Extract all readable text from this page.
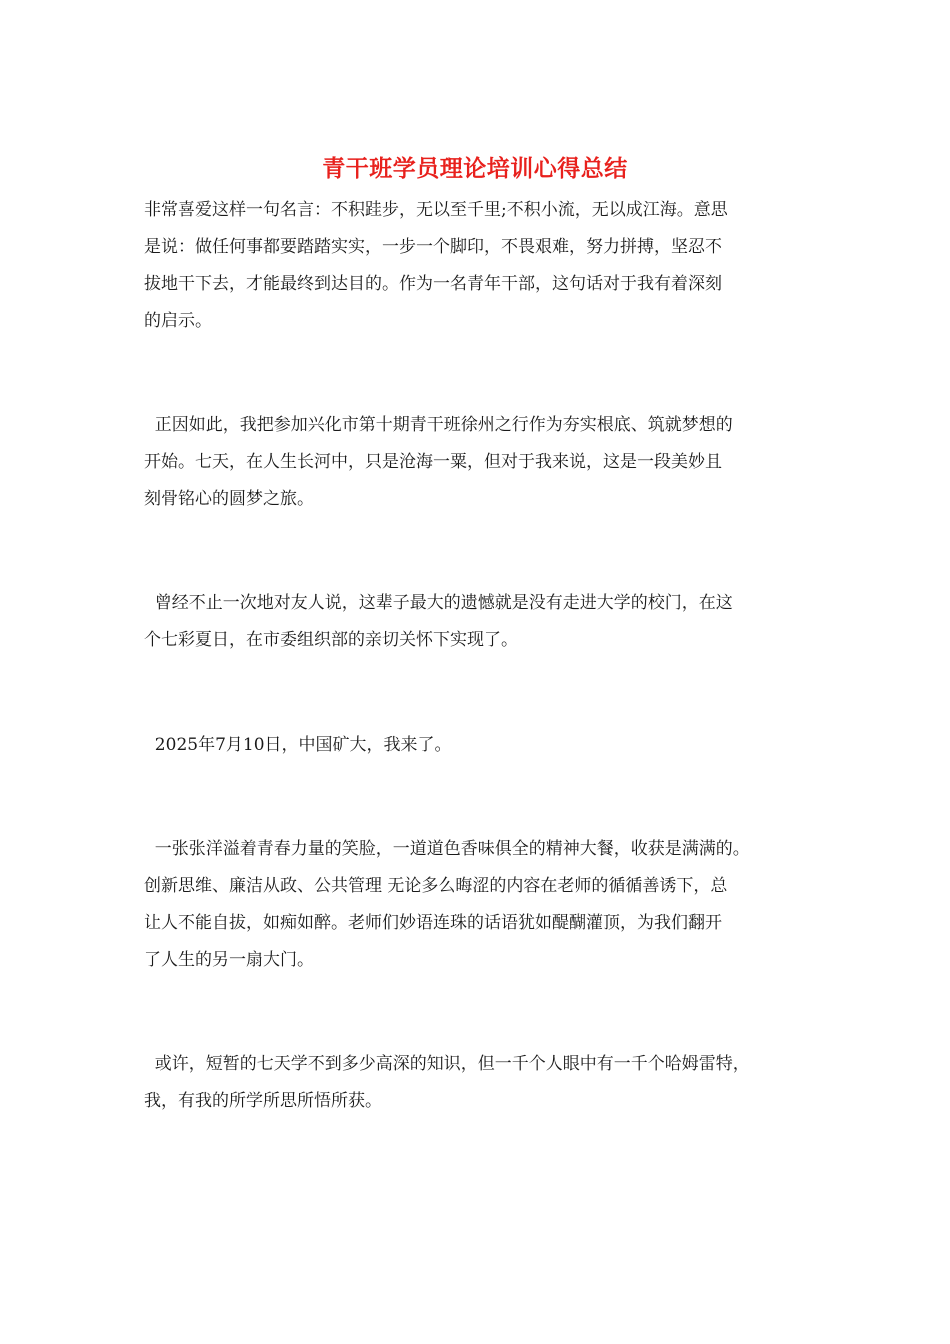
青干班学员理论培训心得总结

非常喜爱这样一句名言：不积跬步，无以至千里;不积小流，无以成江海。意思

是说：做任何事都要踏踏实实，一步一个脚印，不畏艰难，努力拼搏，坚忍不

拔地干下去，才能最终到达目的。作为一名青年干部，这句话对于我有着深刻

的启示。

正因如此，我把参加兴化市第十期青干班徐州之行作为夯实根底、筑就梦想的

开始。七天，在人生长河中，只是沧海一粟，但对于我来说，这是一段美妙且

刻骨铭心的圆梦之旅。

曾经不止一次地对友人说，这辈子最大的遗憾就是没有走进大学的校门，在这

个七彩夏日，在市委组织部的亲切关怀下实现了。

2025年7月10日，中国矿大，我来了。

一张张洋溢着青春力量的笑脸，一道道色香味俱全的精神大餐，收获是满满的。

创新思维、廉洁从政、公共管理 无论多么晦涩的内容在老师的循循善诱下，总

让人不能自拔，如痴如醉。老师们妙语连珠的话语犹如醍醐灌顶，为我们翻开

了人生的另一扇大门。

或许，短暂的七天学不到多少高深的知识，但一千个人眼中有一千个哈姆雷特，

我，有我的所学所思所悟所获。
